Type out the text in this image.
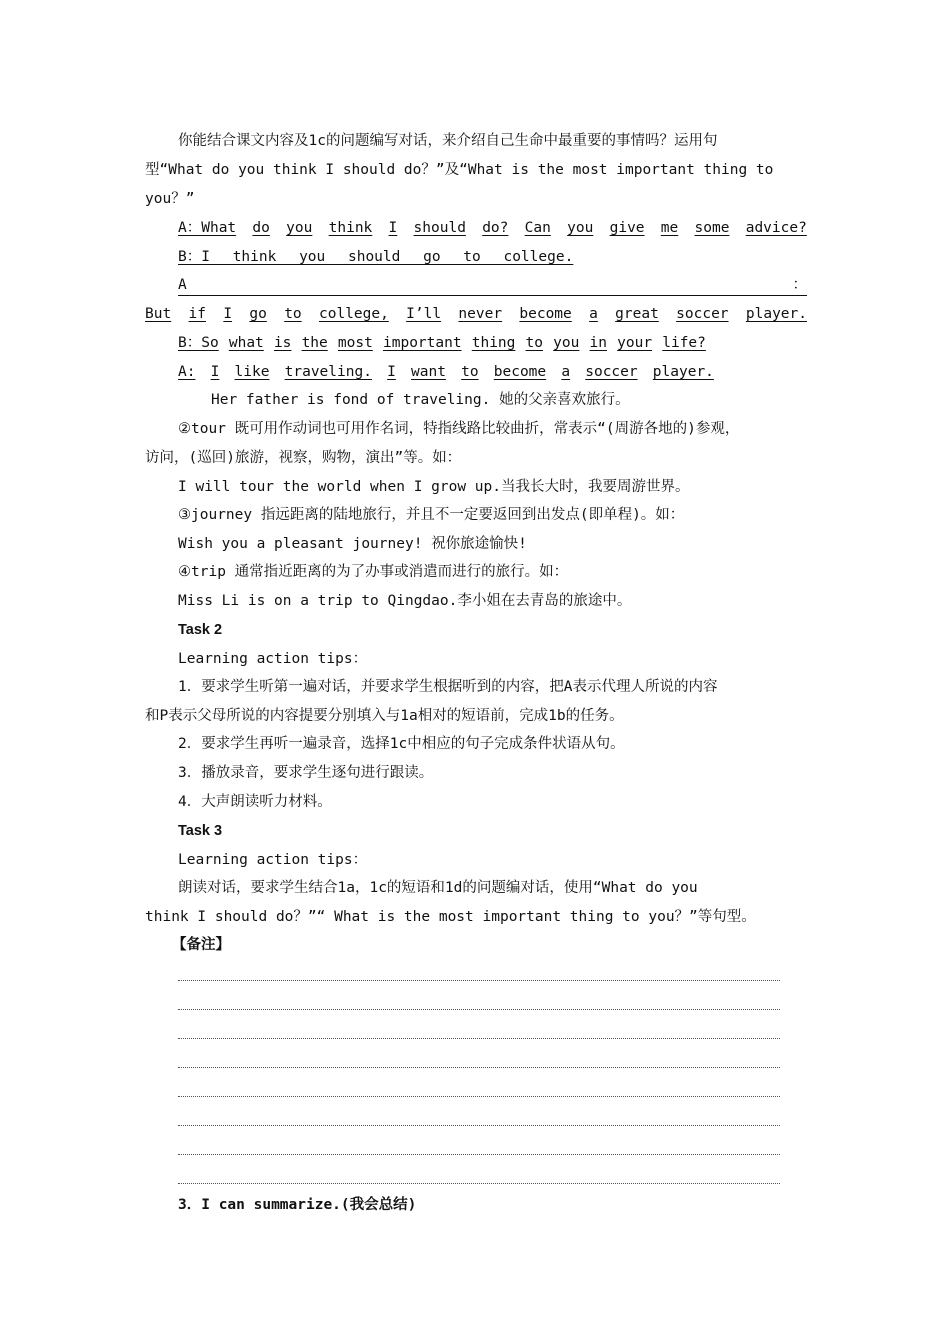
你能结合课文内容及1c的问题编写对话，来介绍自己生命中最重要的事情吗？运用句
型“What do you think I should do？”及“What is the most important thing to
you？”
A：What do you think I should do? Can you give me some advice?
B：I think you should go to college.
A	：
But if I go to college, I’ll never become a great soccer player.
B：So what is the most important thing to you in your life?
A: I like traveling. I want to become a soccer player.
Her father is fond of traveling. 她的父亲喜欢旅行。
②tour 既可用作动词也可用作名词，特指线路比较曲折，常表示“(周游各地的)参观，
访问，(巡回)旅游，视察，购物，演出”等。如：
I will tour the world when I grow up.当我长大时，我要周游世界。
③journey 指远距离的陆地旅行，并且不一定要返回到出发点(即单程)。如：
Wish you a pleasant journey! 祝你旅途愉快!
④trip 通常指近距离的为了办事或消遣而进行的旅行。如：
Miss Li is on a trip to Qingdao.李小姐在去青岛的旅途中。
Task 2
Learning action tips：
1．要求学生听第一遍对话，并要求学生根据听到的内容，把A表示代理人所说的内容
和P表示父母所说的内容提要分别填入与1a相对的短语前，完成1b的任务。
2．要求学生再听一遍录音，选择1c中相应的句子完成条件状语从句。
3．播放录音，要求学生逐句进行跟读。
4．大声朗读听力材料。
Task 3
Learning action tips：
朗读对话，要求学生结合1a，1c的短语和1d的问题编对话，使用“What do you
think I should do？”“ What is the most important thing to you？”等句型。
【备注】
3．I can summarize.(我会总结)
